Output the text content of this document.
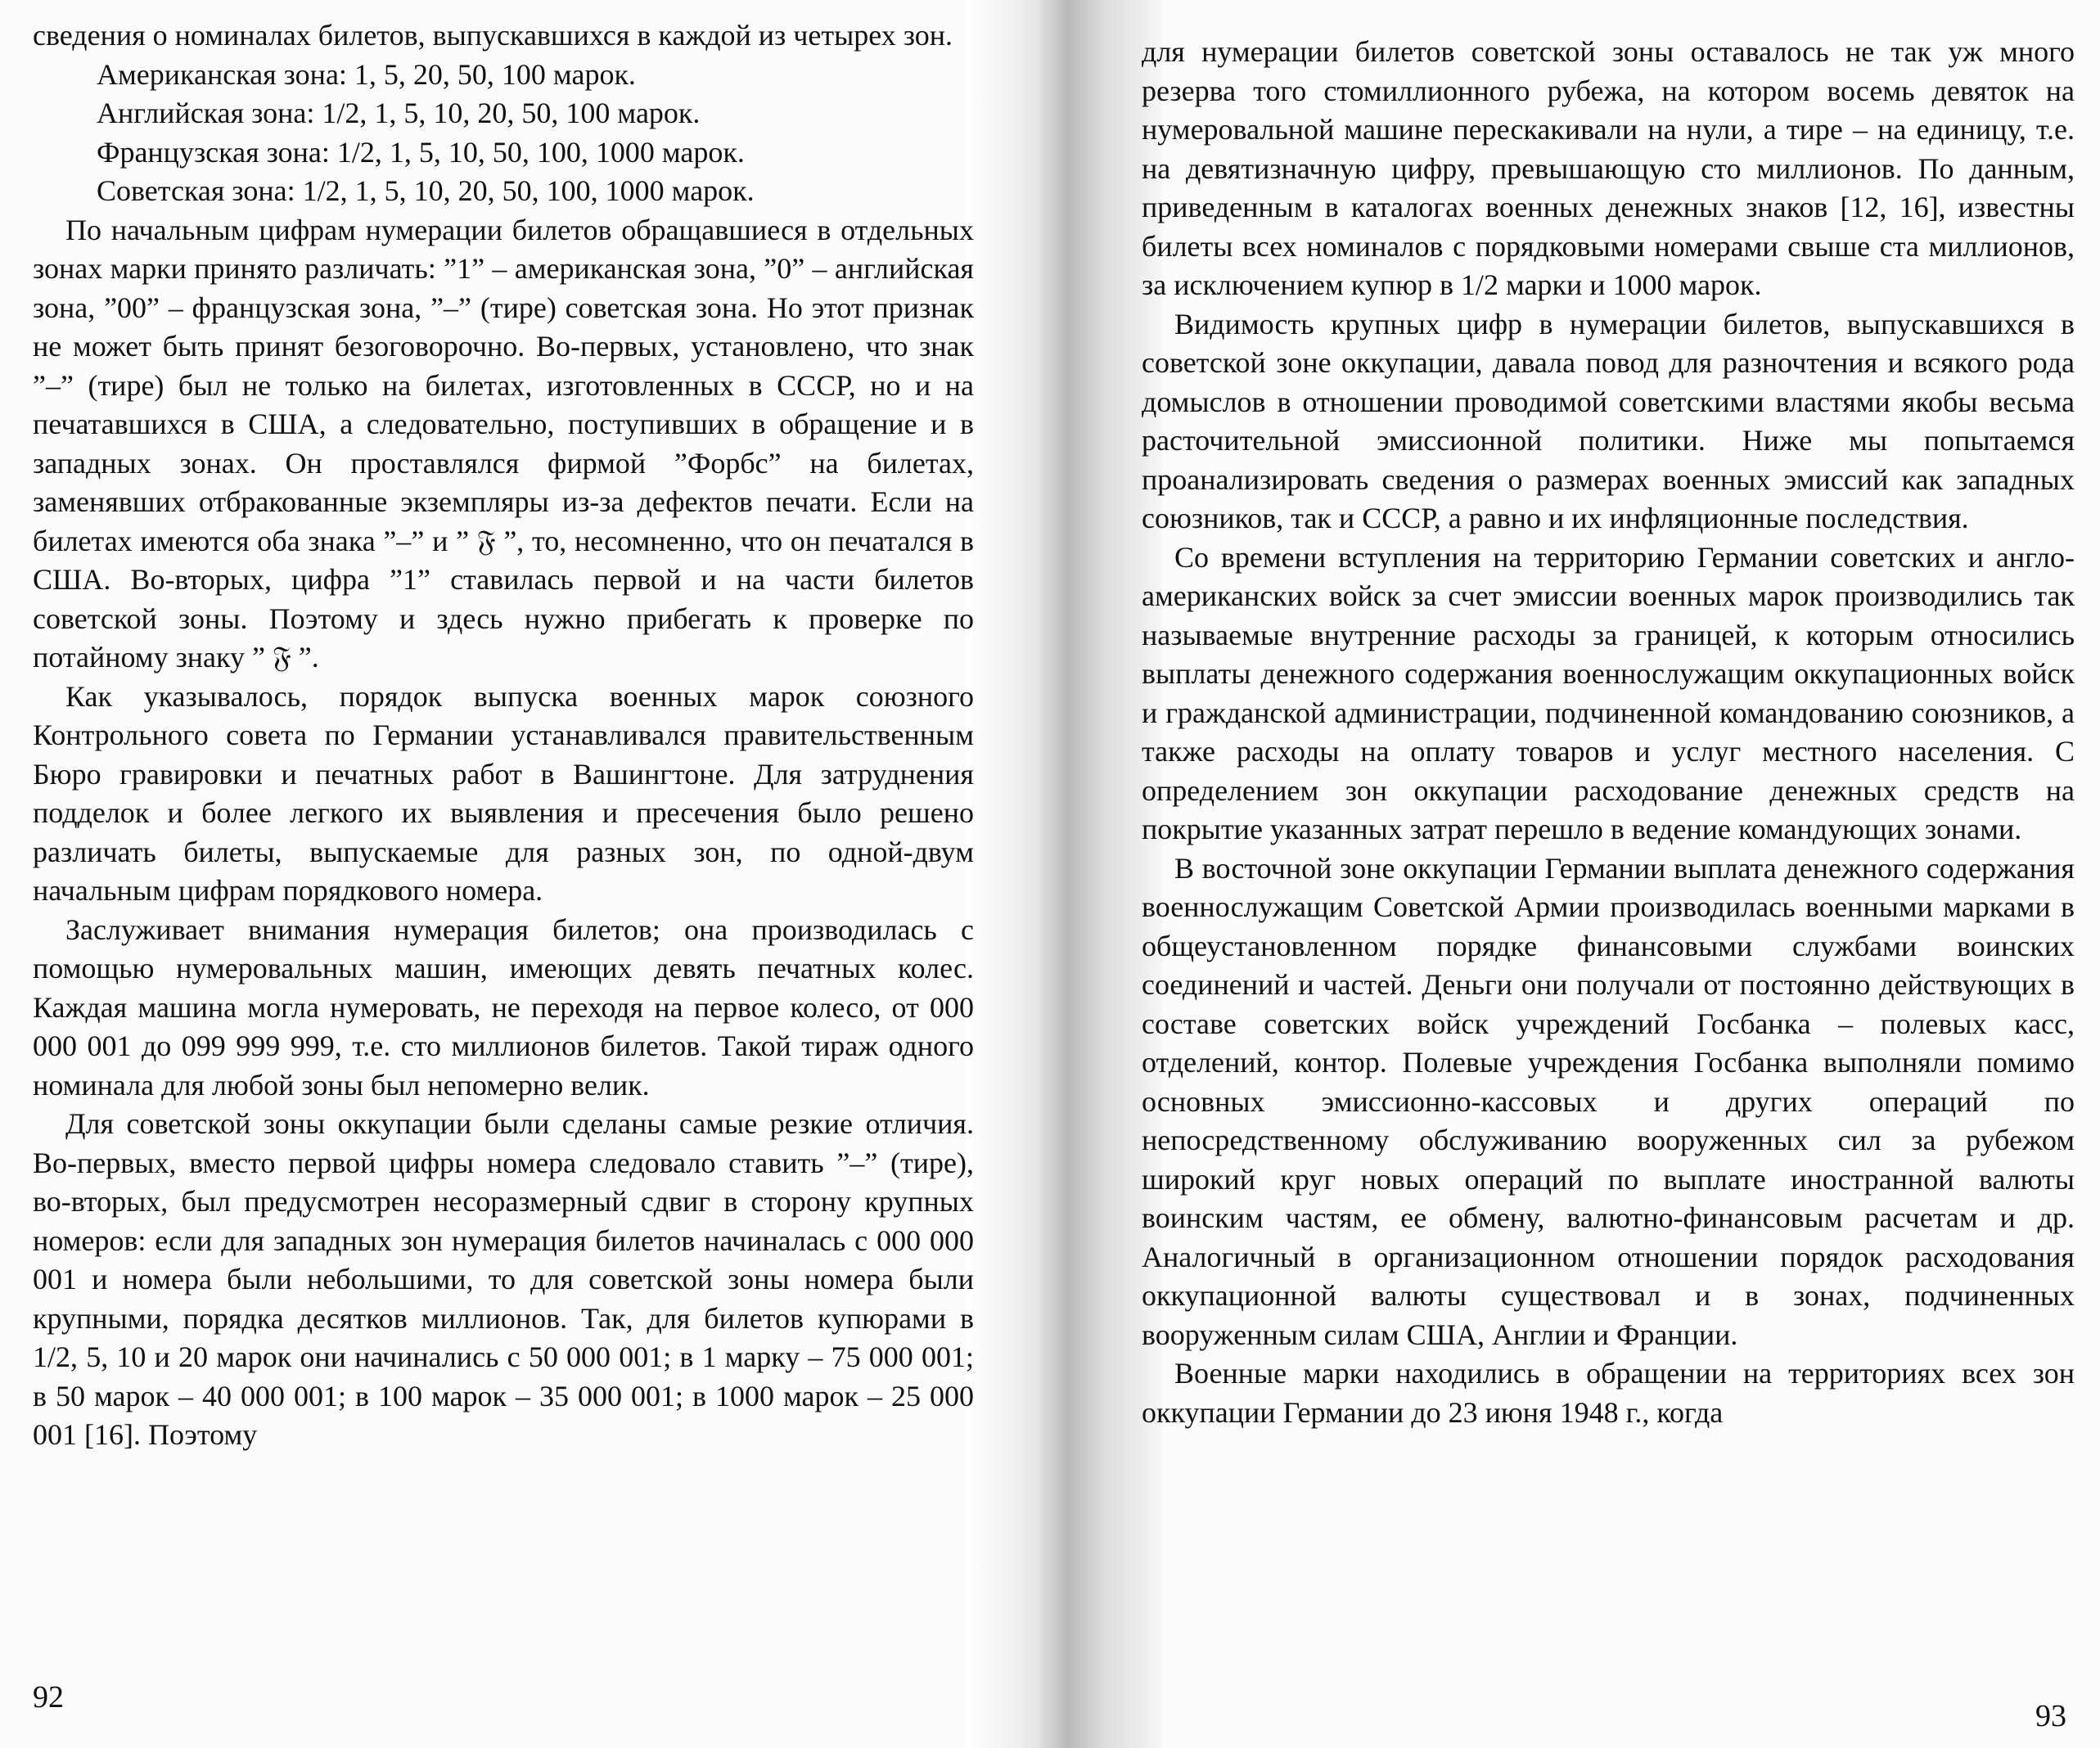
сведения о номиналах билетов, выпускавшихся в каждой из четырех зон.

Американская зона: 1, 5, 20, 50, 100 марок.
Английская зона: 1/2, 1, 5, 10, 20, 50, 100 марок.
Французская зона: 1/2, 1, 5, 10, 50, 100, 1000 марок.
Советская зона: 1/2, 1, 5, 10, 20, 50, 100, 1000 марок.

По начальным цифрам нумерации билетов обращавшиеся в отдельных зонах марки принято различать: ”1” – американская зона, ”0” – английская зона, ”00” – французская зона, ”–” (тире) советская зона. Но этот признак не может быть принят безоговорочно. Во-первых, установлено, что знак ”–” (тире) был не только на билетах, изготовленных в СССР, но и на печатавшихся в США, а следовательно, поступивших в обращение и в западных зонах. Он проставлялся фирмой ”Форбс” на билетах, заменявших отбракованные экземпляры из-за дефектов печати. Если на билетах имеются оба знака ”–” и ” 𝔉 ”, то, несомненно, что он печатался в США. Во-вторых, цифра ”1” ставилась первой и на части билетов советской зоны. Поэтому и здесь нужно прибегать к проверке по потайному знаку ” 𝔉 ”.

Как указывалось, порядок выпуска военных марок союзного Контрольного совета по Германии устанавливался правительственным Бюро гравировки и печатных работ в Вашингтоне. Для затруднения подделок и более легкого их выявления и пресечения было решено различать билеты, выпускаемые для разных зон, по одной-двум начальным цифрам порядкового номера.

Заслуживает внимания нумерация билетов; она производилась с помощью нумеровальных машин, имеющих девять печатных колес. Каждая машина могла нумеровать, не переходя на первое колесо, от 000 000 001 до 099 999 999, т.е. сто миллионов билетов. Такой тираж одного номинала для любой зоны был непомерно велик.

Для советской зоны оккупации были сделаны самые резкие отличия. Во-первых, вместо первой цифры номера следовало ставить ”–” (тире), во-вторых, был предусмотрен несоразмерный сдвиг в сторону крупных номеров: если для западных зон нумерация билетов начиналась с 000 000 001 и номера были небольшими, то для советской зоны номера были крупными, порядка десятков миллионов. Так, для билетов купюрами в 1/2, 5, 10 и 20 марок они начинались с 50 000 001; в 1 марку – 75 000 001; в 50 марок – 40 000 001; в 100 марок – 35 000 001; в 1000 марок – 25 000 001 [16]. Поэтому

92

для нумерации билетов советской зоны оставалось не так уж много резерва того стомиллионного рубежа, на котором восемь девяток на нумеровальной машине перескакивали на нули, а тире – на единицу, т.е. на девятизначную цифру, превышающую сто миллионов. По данным, приведенным в каталогах военных денежных знаков [12, 16], известны билеты всех номиналов с порядковыми номерами свыше ста миллионов, за исключением купюр в 1/2 марки и 1000 марок.

Видимость крупных цифр в нумерации билетов, выпускавшихся в советской зоне оккупации, давала повод для разночтения и всякого рода домыслов в отношении проводимой советскими властями якобы весьма расточительной эмиссионной политики. Ниже мы попытаемся проанализировать сведения о размерах военных эмиссий как западных союзников, так и СССР, а равно и их инфляционные последствия.

Со времени вступления на территорию Германии советских и англо-американских войск за счет эмиссии военных марок производились так называемые внутренние расходы за границей, к которым относились выплаты денежного содержания военнослужащим оккупационных войск и гражданской администрации, подчиненной командованию союзников, а также расходы на оплату товаров и услуг местного населения. С определением зон оккупации расходование денежных средств на покрытие указанных затрат перешло в ведение командующих зонами.

В восточной зоне оккупации Германии выплата денежного содержания военнослужащим Советской Армии производилась военными марками в общеустановленном порядке финансовыми службами воинских соединений и частей. Деньги они получали от постоянно действующих в составе советских войск учреждений Госбанка – полевых касс, отделений, контор. Полевые учреждения Госбанка выполняли помимо основных эмиссионно-кассовых и других операций по непосредственному обслуживанию вооруженных сил за рубежом широкий круг новых операций по выплате иностранной валюты воинским частям, ее обмену, валютно-финансовым расчетам и др. Аналогичный в организационном отношении порядок расходования оккупационной валюты существовал и в зонах, подчиненных вооруженным силам США, Англии и Франции.

Военные марки находились в обращении на территориях всех зон оккупации Германии до 23 июня 1948 г., когда

93
